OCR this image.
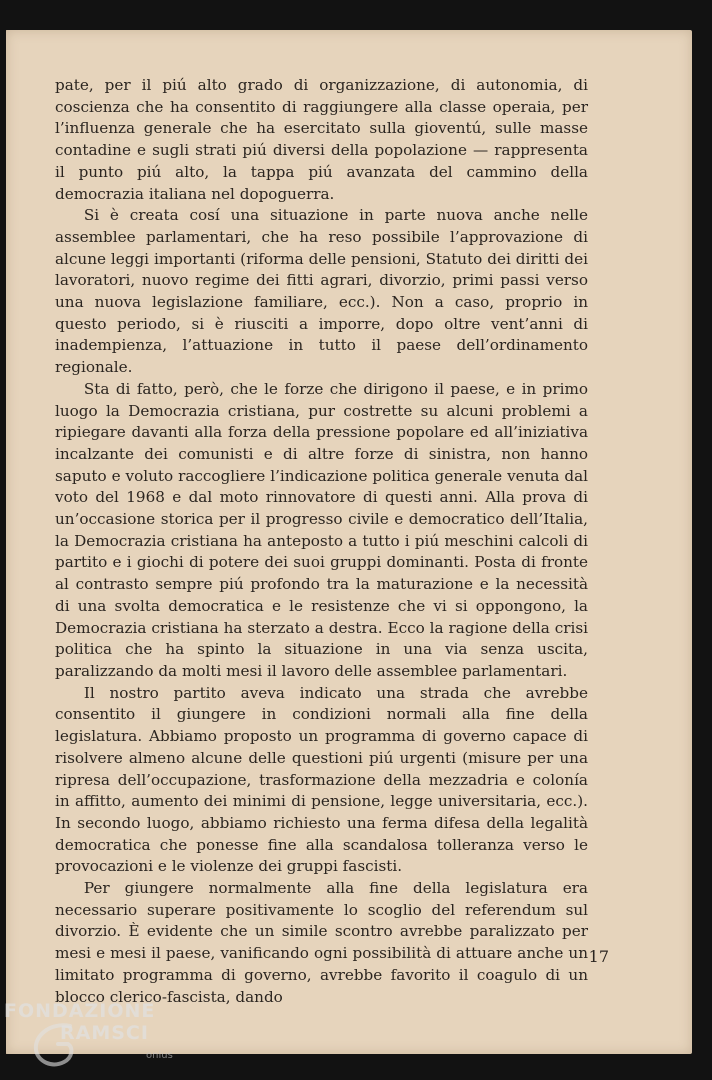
pate, per il piú alto grado di organizzazione, di autonomia, di coscienza che ha consentito di raggiungere alla classe operaia, per l’influenza generale che ha esercitato sulla gioventú, sulle masse contadine e sugli strati piú diversi della popolazione — rappresenta il punto piú alto, la tappa piú avanzata del cammino della democrazia italiana nel dopoguerra.

Si è creata cosí una situazione in parte nuova anche nelle assemblee parlamentari, che ha reso possibile l’approvazione di alcune leggi importanti (riforma delle pensioni, Statuto dei diritti dei lavoratori, nuovo regime dei fitti agrari, divorzio, primi passi verso una nuova legislazione familiare, ecc.). Non a caso, proprio in questo periodo, si è riusciti a imporre, dopo oltre vent’anni di inadempienza, l’attuazione in tutto il paese dell’ordinamento regionale.

Sta di fatto, però, che le forze che dirigono il paese, e in primo luogo la Democrazia cristiana, pur costrette su alcuni problemi a ripiegare davanti alla forza della pressione popolare ed all’iniziativa incalzante dei comunisti e di altre forze di sinistra, non hanno saputo e voluto raccogliere l’indicazione politica generale venuta dal voto del 1968 e dal moto rinnovatore di questi anni. Alla prova di un’occasione storica per il progresso civile e democratico dell’Italia, la Democrazia cristiana ha anteposto a tutto i piú meschini calcoli di partito e i giochi di potere dei suoi gruppi dominanti. Posta di fronte al contrasto sempre piú profondo tra la maturazione e la necessità di una svolta democratica e le resistenze che vi si oppongono, la Democrazia cristiana ha sterzato a destra. Ecco la ragione della crisi politica che ha spinto la situazione in una via senza uscita, paralizzando da molti mesi il lavoro delle assemblee parlamentari.

Il nostro partito aveva indicato una strada che avrebbe consentito il giungere in condizioni normali alla fine della legislatura. Abbiamo proposto un programma di governo capace di risolvere almeno alcune delle questioni piú urgenti (misure per una ripresa dell’occupazione, trasformazione della mezzadria e colonía in affitto, aumento dei minimi di pensione, legge universitaria, ecc.). In secondo luogo, abbiamo richiesto una ferma difesa della legalità democratica che ponesse fine alla scandalosa tolleranza verso le provocazioni e le violenze dei gruppi fascisti.

Per giungere normalmente alla fine della legislatura era necessario superare positivamente lo scoglio del referendum sul divorzio. È evidente che un simile scontro avrebbe paralizzato per mesi e mesi il paese, vanificando ogni possibilità di attuare anche un limitato programma di governo, avrebbe favorito il coagulo di un blocco clerico-fascista, dando

17
FONDAZIONE
RAMSCI
onlus
